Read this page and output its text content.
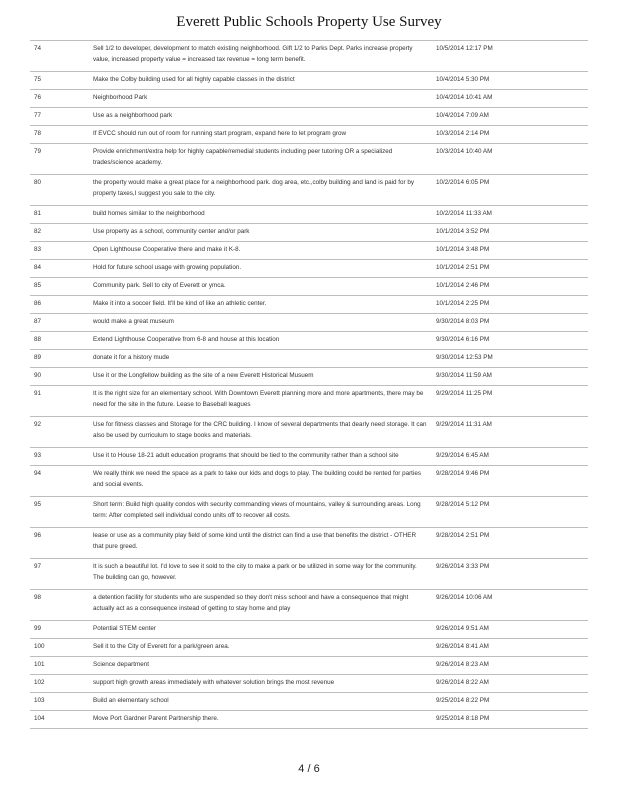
Everett Public Schools Property Use Survey
74	Sell 1/2 to developer, development to match existing neighborhood. Gift 1/2 to Parks Dept. Parks increase property value, increased property value = increased tax revenue = long term benefit.	10/5/2014 12:17 PM
75	Make the Colby building used for all highly capable classes in the district	10/4/2014 5:30 PM
76	Neighborhood Park	10/4/2014 10:41 AM
77	Use as a neighborhood park	10/4/2014 7:09 AM
78	If EVCC should run out of room for running start program, expand here to let program grow	10/3/2014 2:14 PM
79	Provide enrichment/extra help for highly capable/remedial students including peer tutoring OR a specialized trades/science academy.	10/3/2014 10:40 AM
80	the property would make a great place for a neighborhood park. dog area, etc.,colby building and land is paid for by property taxes,I suggest you sale to the city.	10/2/2014 6:05 PM
81	build homes similar to the neighborhood	10/2/2014 11:33 AM
82	Use property as a school, community center and/or park	10/1/2014 3:52 PM
83	Open Lighthouse Cooperative there and make it K-8.	10/1/2014 3:48 PM
84	Hold for future school usage with growing population.	10/1/2014 2:51 PM
85	Community park. Sell to city of Everett or ymca.	10/1/2014 2:46 PM
86	Make it into a soccer field. It'll be kind of like an athletic center.	10/1/2014 2:25 PM
87	would make a great museum	9/30/2014 8:03 PM
88	Extend Lighthouse Cooperative from 6-8 and house at this location	9/30/2014 6:16 PM
89	donate it for a history mude	9/30/2014 12:53 PM
90	Use it or the Longfellow building as the site of a new Everett Historical Musuem	9/30/2014 11:59 AM
91	It is the right size for an elementary school. With Downtown Everett planning more and more apartments, there may be need for the site in the future. Lease to Baseball leagues	9/29/2014 11:25 PM
92	Use for fitness classes and Storage for the CRC building. I know of several departments that dearly need storage. It can also be used by curriculum to stage books and materials.	9/29/2014 11:31 AM
93	Use it to House 18-21 adult education programs that should be tied to the community rather than a school site	9/29/2014 6:45 AM
94	We really think we need the space as a park to take our kids and dogs to play. The building could be rented for parties and social events.	9/28/2014 9:46 PM
95	Short term: Build high quality condos with security commanding views of mountains, valley & surrounding areas. Long term: After completed sell individual condo units off to recover all costs.	9/28/2014 5:12 PM
96	lease or use as a community play field of some kind until the district can find a use that benefits the district - OTHER that pure greed.	9/28/2014 2:51 PM
97	It is such a beautiful lot. I'd love to see it sold to the city to make a park or be utilized in some way for the community. The building can go, however.	9/26/2014 3:33 PM
98	a detention facility for students who are suspended so they don't miss school and have a consequence that might actually act as a consequence instead of getting to stay home and play	9/26/2014 10:06 AM
99	Potential STEM center	9/26/2014 9:51 AM
100	Sell it to the City of Everett for a park/green area.	9/26/2014 8:41 AM
101	Science department	9/26/2014 8:23 AM
102	support high growth areas immediately with whatever solution brings the most revenue	9/26/2014 8:22 AM
103	Build an elementary school	9/25/2014 8:22 PM
104	Move Port Gardner Parent Partnership there.	9/25/2014 8:18 PM
4 / 6
